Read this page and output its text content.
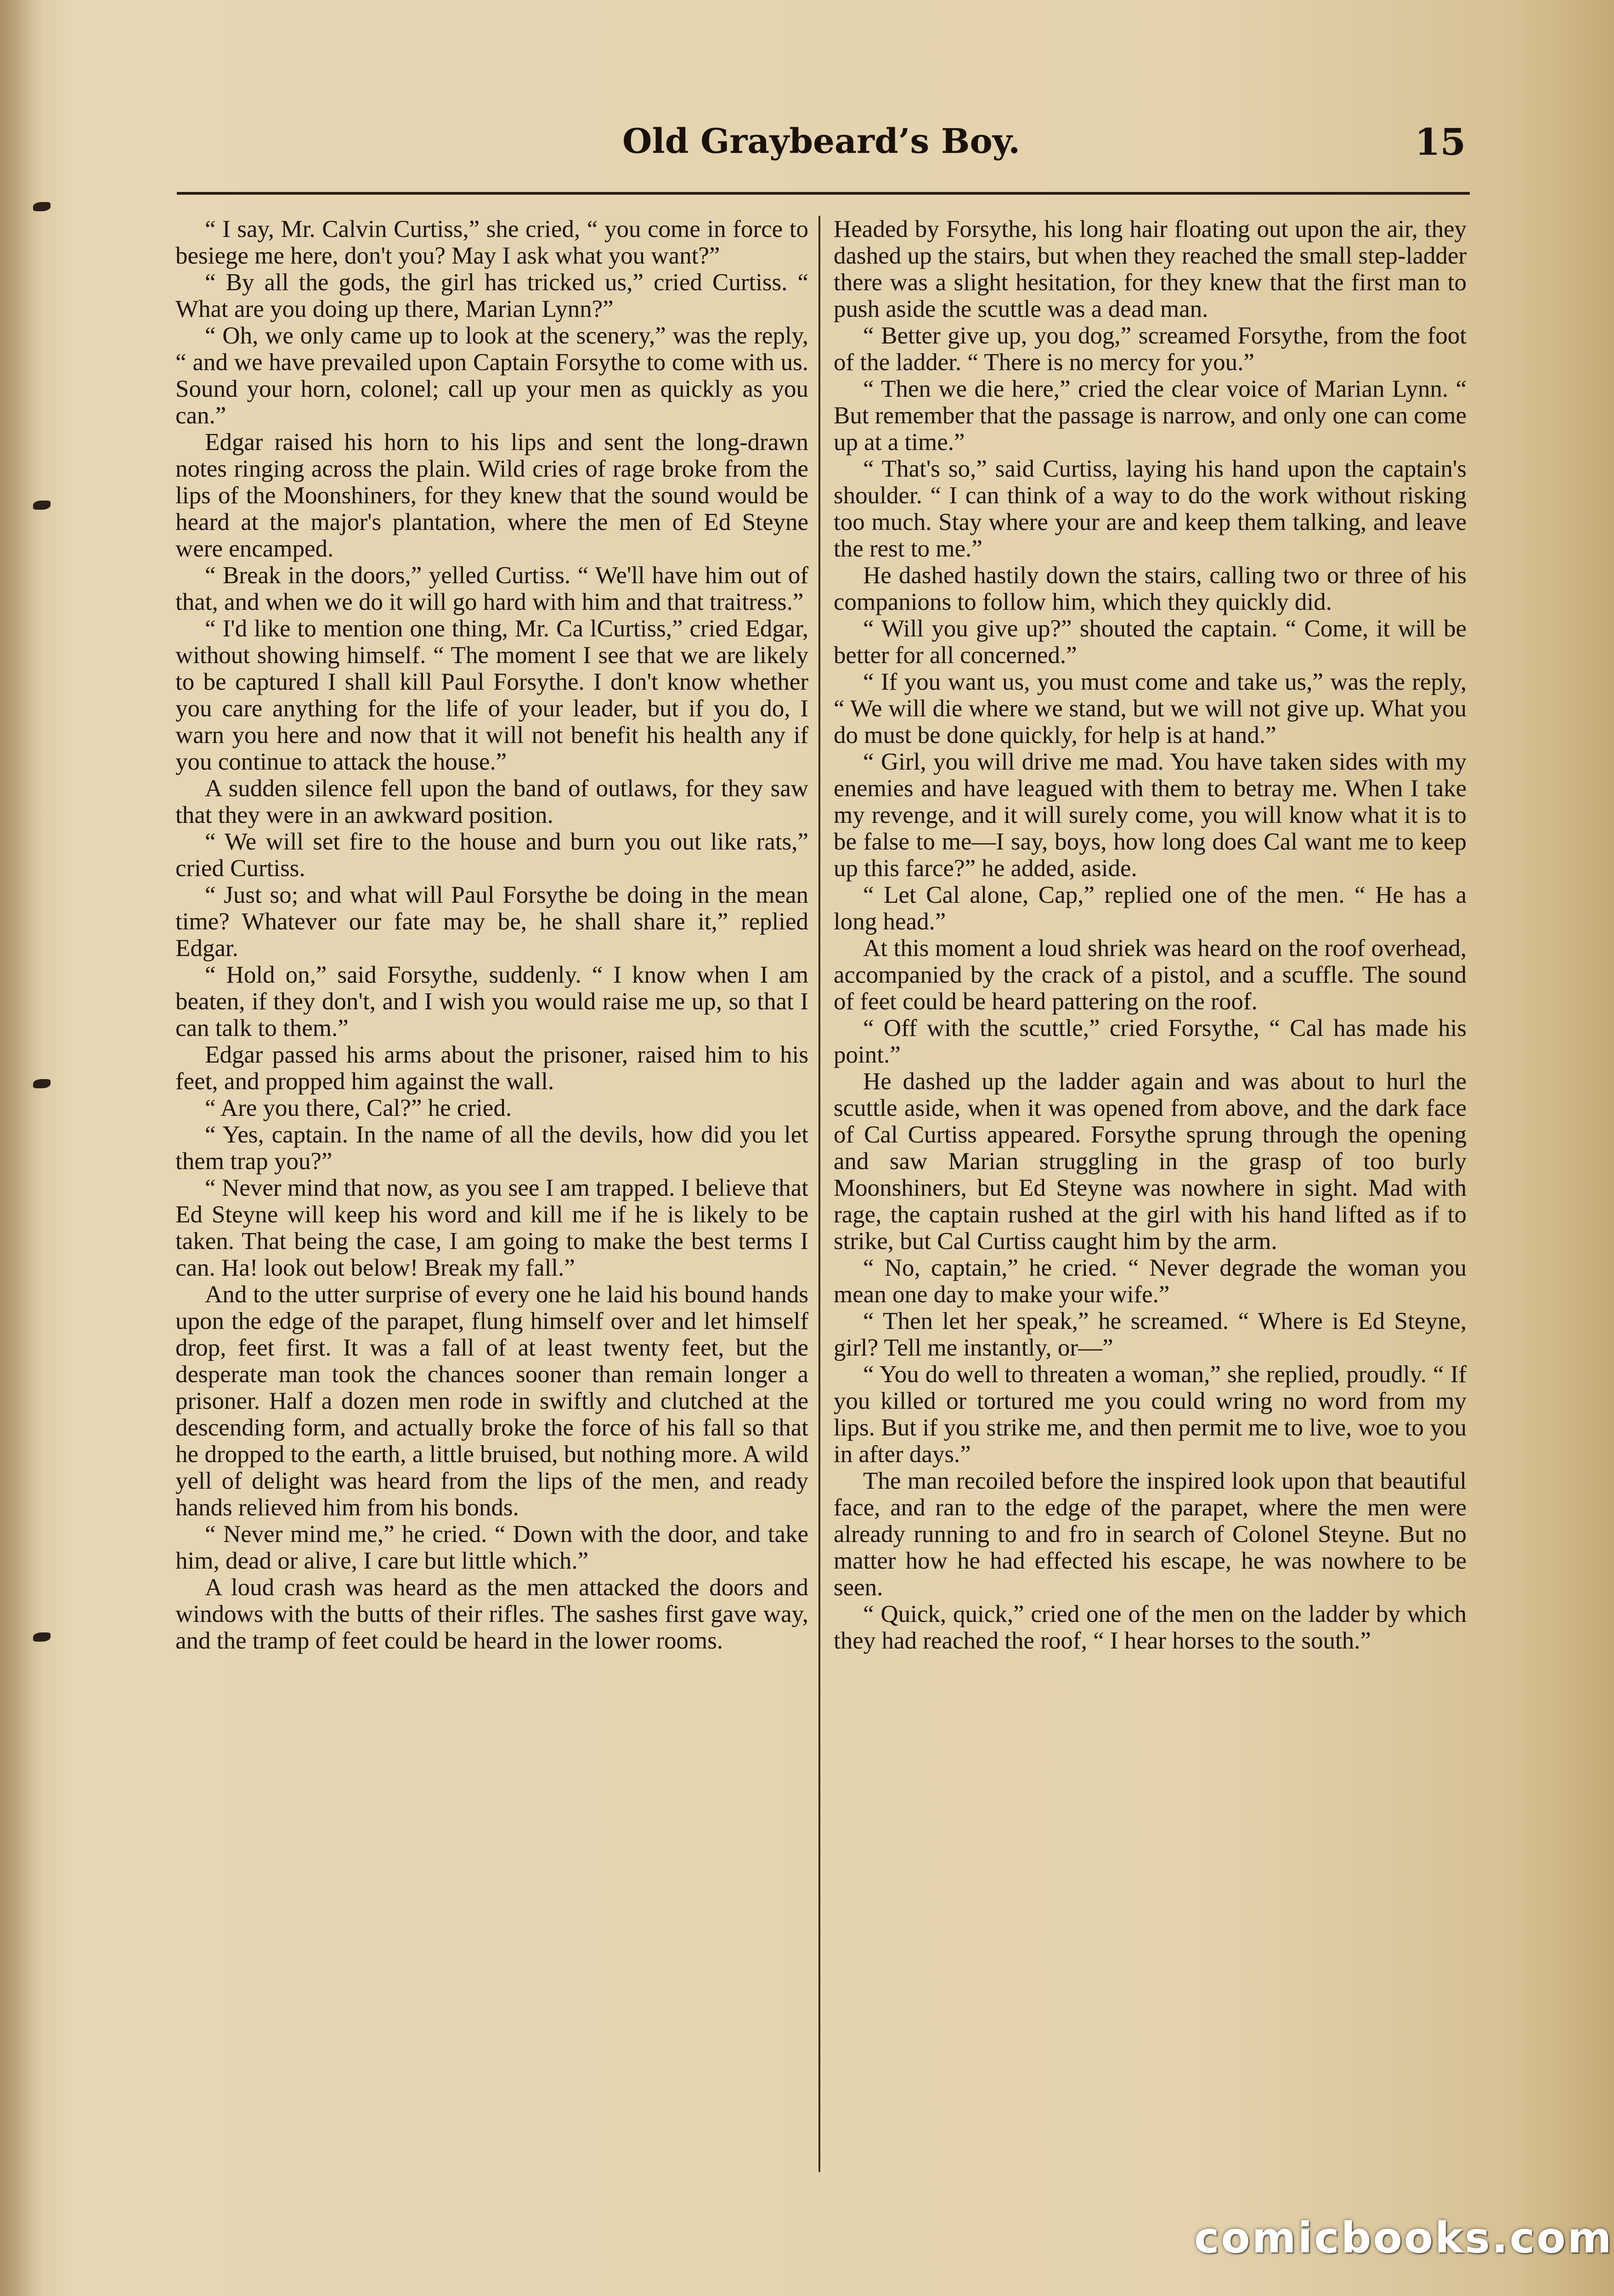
Old Graybeard’s Boy.	15

“ I say, Mr. Calvin Curtiss,” she cried, “ you come in force to besiege me here, don't you? May I ask what you want?”

“ By all the gods, the girl has tricked us,” cried Curtiss. “ What are you doing up there, Marian Lynn?”

“ Oh, we only came up to look at the scenery,” was the reply, “ and we have prevailed upon Captain Forsythe to come with us. Sound your horn, colonel; call up your men as quickly as you can.”

Edgar raised his horn to his lips and sent the long-drawn notes ringing across the plain. Wild cries of rage broke from the lips of the Moonshiners, for they knew that the sound would be heard at the major's plantation, where the men of Ed Steyne were encamped.

“ Break in the doors,” yelled Curtiss. “ We'll have him out of that, and when we do it will go hard with him and that traitress.”

“ I'd like to mention one thing, Mr. Ca lCurtiss,” cried Edgar, without showing himself. “ The moment I see that we are likely to be captured I shall kill Paul Forsythe. I don't know whether you care anything for the life of your leader, but if you do, I warn you here and now that it will not benefit his health any if you continue to attack the house.”

A sudden silence fell upon the band of outlaws, for they saw that they were in an awkward position.

“ We will set fire to the house and burn you out like rats,” cried Curtiss.

“ Just so; and what will Paul Forsythe be doing in the mean time? Whatever our fate may be, he shall share it,” replied Edgar.

“ Hold on,” said Forsythe, suddenly. “ I know when I am beaten, if they don't, and I wish you would raise me up, so that I can talk to them.”

Edgar passed his arms about the prisoner, raised him to his feet, and propped him against the wall.

“ Are you there, Cal?” he cried.

“ Yes, captain. In the name of all the devils, how did you let them trap you?”

“ Never mind that now, as you see I am trapped. I believe that Ed Steyne will keep his word and kill me if he is likely to be taken. That being the case, I am going to make the best terms I can. Ha! look out below! Break my fall.”

And to the utter surprise of every one he laid his bound hands upon the edge of the parapet, flung himself over and let himself drop, feet first. It was a fall of at least twenty feet, but the desperate man took the chances sooner than remain longer a prisoner. Half a dozen men rode in swiftly and clutched at the descending form, and actually broke the force of his fall so that he dropped to the earth, a little bruised, but nothing more. A wild yell of delight was heard from the lips of the men, and ready hands relieved him from his bonds.

“ Never mind me,” he cried. “ Down with the door, and take him, dead or alive, I care but little which.”

A loud crash was heard as the men attacked the doors and windows with the butts of their rifles. The sashes first gave way, and the tramp of feet could be heard in the lower rooms.

Headed by Forsythe, his long hair floating out upon the air, they dashed up the stairs, but when they reached the small step-ladder there was a slight hesitation, for they knew that the first man to push aside the scuttle was a dead man.

“ Better give up, you dog,” screamed Forsythe, from the foot of the ladder. “ There is no mercy for you.”

“ Then we die here,” cried the clear voice of Marian Lynn. “ But remember that the passage is narrow, and only one can come up at a time.”

“ That's so,” said Curtiss, laying his hand upon the captain's shoulder. “ I can think of a way to do the work without risking too much. Stay where your are and keep them talking, and leave the rest to me.”

He dashed hastily down the stairs, calling two or three of his companions to follow him, which they quickly did.

“ Will you give up?” shouted the captain. “ Come, it will be better for all concerned.”

“ If you want us, you must come and take us,” was the reply, “ We will die where we stand, but we will not give up. What you do must be done quickly, for help is at hand.”

“ Girl, you will drive me mad. You have taken sides with my enemies and have leagued with them to betray me. When I take my revenge, and it will surely come, you will know what it is to be false to me—I say, boys, how long does Cal want me to keep up this farce?” he added, aside.

“ Let Cal alone, Cap,” replied one of the men. “ He has a long head.”

At this moment a loud shriek was heard on the roof overhead, accompanied by the crack of a pistol, and a scuffle. The sound of feet could be heard pattering on the roof.

“ Off with the scuttle,” cried Forsythe, “ Cal has made his point.”

He dashed up the ladder again and was about to hurl the scuttle aside, when it was opened from above, and the dark face of Cal Curtiss appeared. Forsythe sprung through the opening and saw Marian struggling in the grasp of too burly Moonshiners, but Ed Steyne was nowhere in sight. Mad with rage, the captain rushed at the girl with his hand lifted as if to strike, but Cal Curtiss caught him by the arm.

“ No, captain,” he cried. “ Never degrade the woman you mean one day to make your wife.”

“ Then let her speak,” he screamed. “ Where is Ed Steyne, girl? Tell me instantly, or—”

“ You do well to threaten a woman,” she replied, proudly. “ If you killed or tortured me you could wring no word from my lips. But if you strike me, and then permit me to live, woe to you in after days.”

The man recoiled before the inspired look upon that beautiful face, and ran to the edge of the parapet, where the men were already running to and fro in search of Colonel Steyne. But no matter how he had effected his escape, he was nowhere to be seen.

“ Quick, quick,” cried one of the men on the ladder by which they had reached the roof, “ I hear horses to the south.”

comicbooks.com
